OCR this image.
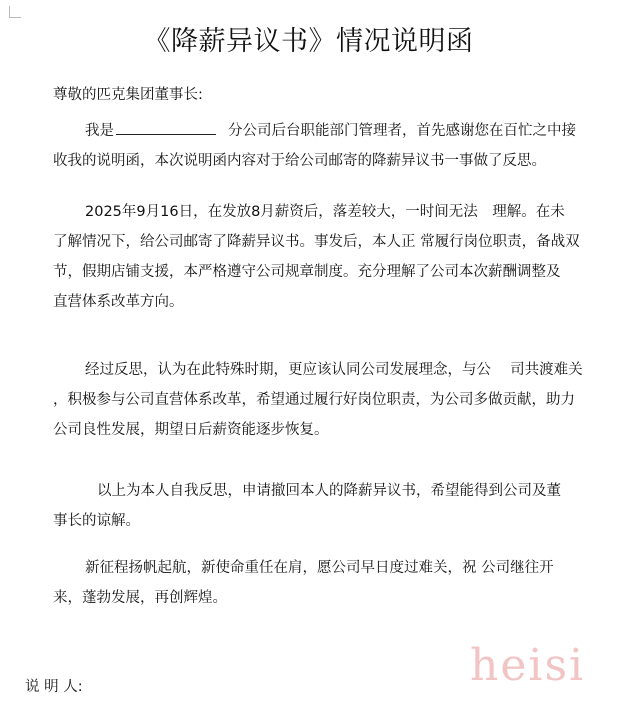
《降薪异议书》情况说明函

尊敬的匹克集团董事长:

我是	分公司后台职能部门管理者，首先感谢您在百忙之中接
收我的说明函，本次说明函内容对于给公司邮寄的降薪异议书一事做了反思。
2025年9月16日，在发放8月薪资后，落差较大，一时间无法　理解。在未
了解情况下，给公司邮寄了降薪异议书。事发后，本人正 常履行岗位职责，备战双
节，假期店铺支援，本严格遵守公司规章制度。充分理解了公司本次薪酬调整及
直营体系改革方向。
经过反思，认为在此特殊时期，更应该认同公司发展理念，与公　 司共渡难关
，积极参与公司直营体系改革，希望通过履行好岗位职责，为公司多做贡献，助力
公司良性发展，期望日后薪资能逐步恢复。
以上为本人自我反思，申请撤回本人的降薪异议书，希望能得到公司及董
事长的谅解。
新征程扬帆起航，新使命重任在肩，愿公司早日度过难关，祝 公司继往开
来，蓬勃发展，再创辉煌。

说 明 人:	heisi
